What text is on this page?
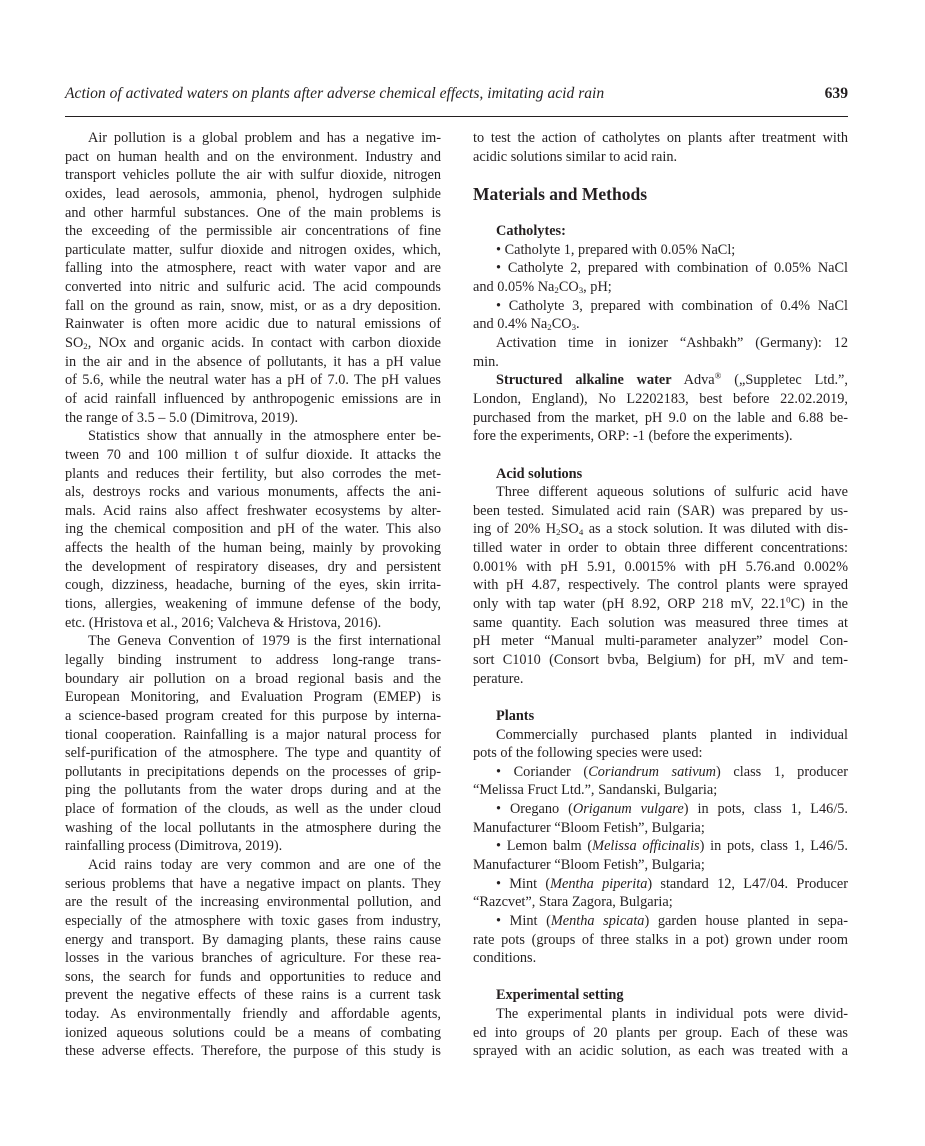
Action of activated waters on plants after adverse chemical effects, imitating acid rain	639
Air pollution is a global problem and has a negative im-
pact on human health and on the environment. Industry and
transport vehicles pollute the air with sulfur dioxide, nitrogen
oxides, lead aerosols, ammonia, phenol, hydrogen sulphide
and other harmful substances. One of the main problems is
the exceeding of the permissible air concentrations of fine
particulate matter, sulfur dioxide and nitrogen oxides, which,
falling into the atmosphere, react with water vapor and are
converted into nitric and sulfuric acid. The acid compounds
fall on the ground as rain, snow, mist, or as a dry deposition.
Rainwater is often more acidic due to natural emissions of
$SO_2$, NOx and organic acids. In contact with carbon dioxide
in the air and in the absence of pollutants, it has a pH value
of 5.6, while the neutral water has a pH of 7.0. The pH values
of acid rainfall influenced by anthropogenic emissions are in
the range of 3.5 – 5.0 (Dimitrova, 2019).
Statistics show that annually in the atmosphere enter be-
tween 70 and 100 million t of sulfur dioxide. It attacks the
plants and reduces their fertility, but also corrodes the met-
als, destroys rocks and various monuments, affects the ani-
mals. Acid rains also affect freshwater ecosystems by alter-
ing the chemical composition and pH of the water. This also
affects the health of the human being, mainly by provoking
the development of respiratory diseases, dry and persistent
cough, dizziness, headache, burning of the eyes, skin irrita-
tions, allergies, weakening of immune defense of the body,
etc. (Hristova et al., 2016; Valcheva & Hristova, 2016).
The Geneva Convention of 1979 is the first international
legally binding instrument to address long-range trans-
boundary air pollution on a broad regional basis and the
European Monitoring, and Evaluation Program (EMEP) is
a science-based program created for this purpose by interna-
tional cooperation. Rainfalling is a major natural process for
self-purification of the atmosphere. The type and quantity of
pollutants in precipitations depends on the processes of grip-
ping the pollutants from the water drops during and at the
place of formation of the clouds, as well as the under cloud
washing of the local pollutants in the atmosphere during the
rainfalling process (Dimitrova, 2019).
Acid rains today are very common and are one of the
serious problems that have a negative impact on plants. They
are the result of the increasing environmental pollution, and
especially of the atmosphere with toxic gases from industry,
energy and transport. By damaging plants, these rains cause
losses in the various branches of agriculture. For these rea-
sons, the search for funds and opportunities to reduce and
prevent the negative effects of these rains is a current task
today. As environmentally friendly and affordable agents,
ionized aqueous solutions could be a means of combating
these adverse effects. Therefore, the purpose of this study is
to test the action of catholytes on plants after treatment with
acidic solutions similar to acid rain.

Materials and Methods

Catholytes:
• Catholyte 1, prepared with 0.05% NaCl;
• Catholyte 2, prepared with combination of 0.05% NaCl
and 0.05% $Na_2CO_3$, pH;
• Catholyte 3, prepared with combination of 0.4% NaCl
and 0.4% $Na_2CO_3$.
Activation time in ionizer “Ashbakh” (Germany): 12
min.
Structured alkaline water Adva® („Suppletec Ltd.”,
London, England), No L2202183, best before 22.02.2019,
purchased from the market, pH 9.0 on the lable and 6.88 be-
fore the experiments, ORP: -1 (before the experiments).

Acid solutions
Three different aqueous solutions of sulfuric acid have
been tested. Simulated acid rain (SAR) was prepared by us-
ing of 20% $H_2SO_4$ as a stock solution. It was diluted with dis-
tilled water in order to obtain three different concentrations:
0.001% with pH 5.91, 0.0015% with pH 5.76.and 0.002%
with pH 4.87, respectively. The control plants were sprayed
only with tap water (pH 8.92, ORP 218 mV, 22.1$^0$C) in the
same quantity. Each solution was measured three times at
pH meter “Manual multi-parameter analyzer” model Con-
sort C1010 (Consort bvba, Belgium) for pH, mV and tem-
perature.

Plants
Commercially purchased plants planted in individual
pots of the following species were used:
• Coriander (Coriandrum sativum) class 1, producer
“Melissa Fruct Ltd.”, Sandanski, Bulgaria;
• Oregano (Origanum vulgare) in pots, class 1, L46/5.
Manufacturer “Bloom Fetish”, Bulgaria;
• Lemon balm (Melissa officinalis) in pots, class 1, L46/5.
Manufacturer “Bloom Fetish”, Bulgaria;
• Mint (Mentha piperita) standard 12, L47/04. Producer
“Razcvet”, Stara Zagora, Bulgaria;
• Mint (Mentha spicata) garden house planted in sepa-
rate pots (groups of three stalks in a pot) grown under room
conditions.

Experimental setting
The experimental plants in individual pots were divid-
ed into groups of 20 plants per group. Each of these was
sprayed with an acidic solution, as each was treated with a
